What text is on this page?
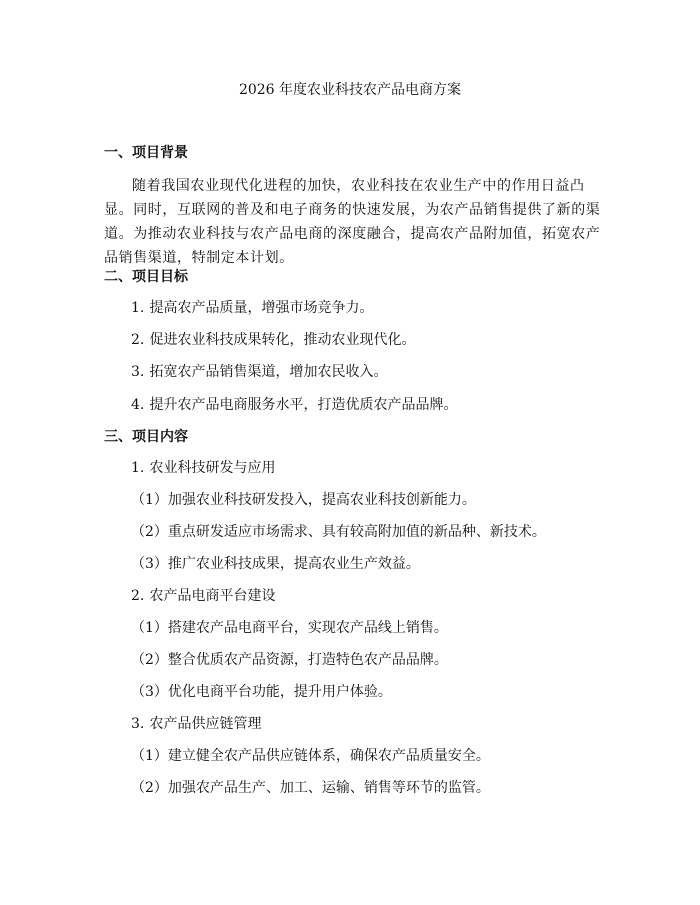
2026 年度农业科技农产品电商方案
一、项目背景
随着我国农业现代化进程的加快，农业科技在农业生产中的作用日益凸显。同时，互联网的普及和电子商务的快速发展，为农产品销售提供了新的渠道。为推动农业科技与农产品电商的深度融合，提高农产品附加值，拓宽农产品销售渠道，特制定本计划。
二、项目目标
1. 提高农产品质量，增强市场竞争力。
2. 促进农业科技成果转化，推动农业现代化。
3. 拓宽农产品销售渠道，增加农民收入。
4. 提升农产品电商服务水平，打造优质农产品品牌。
三、项目内容
1. 农业科技研发与应用
（1）加强农业科技研发投入，提高农业科技创新能力。
（2）重点研发适应市场需求、具有较高附加值的新品种、新技术。
（3）推广农业科技成果，提高农业生产效益。
2. 农产品电商平台建设
（1）搭建农产品电商平台，实现农产品线上销售。
（2）整合优质农产品资源，打造特色农产品品牌。
（3）优化电商平台功能，提升用户体验。
3. 农产品供应链管理
（1）建立健全农产品供应链体系，确保农产品质量安全。
（2）加强农产品生产、加工、运输、销售等环节的监管。
